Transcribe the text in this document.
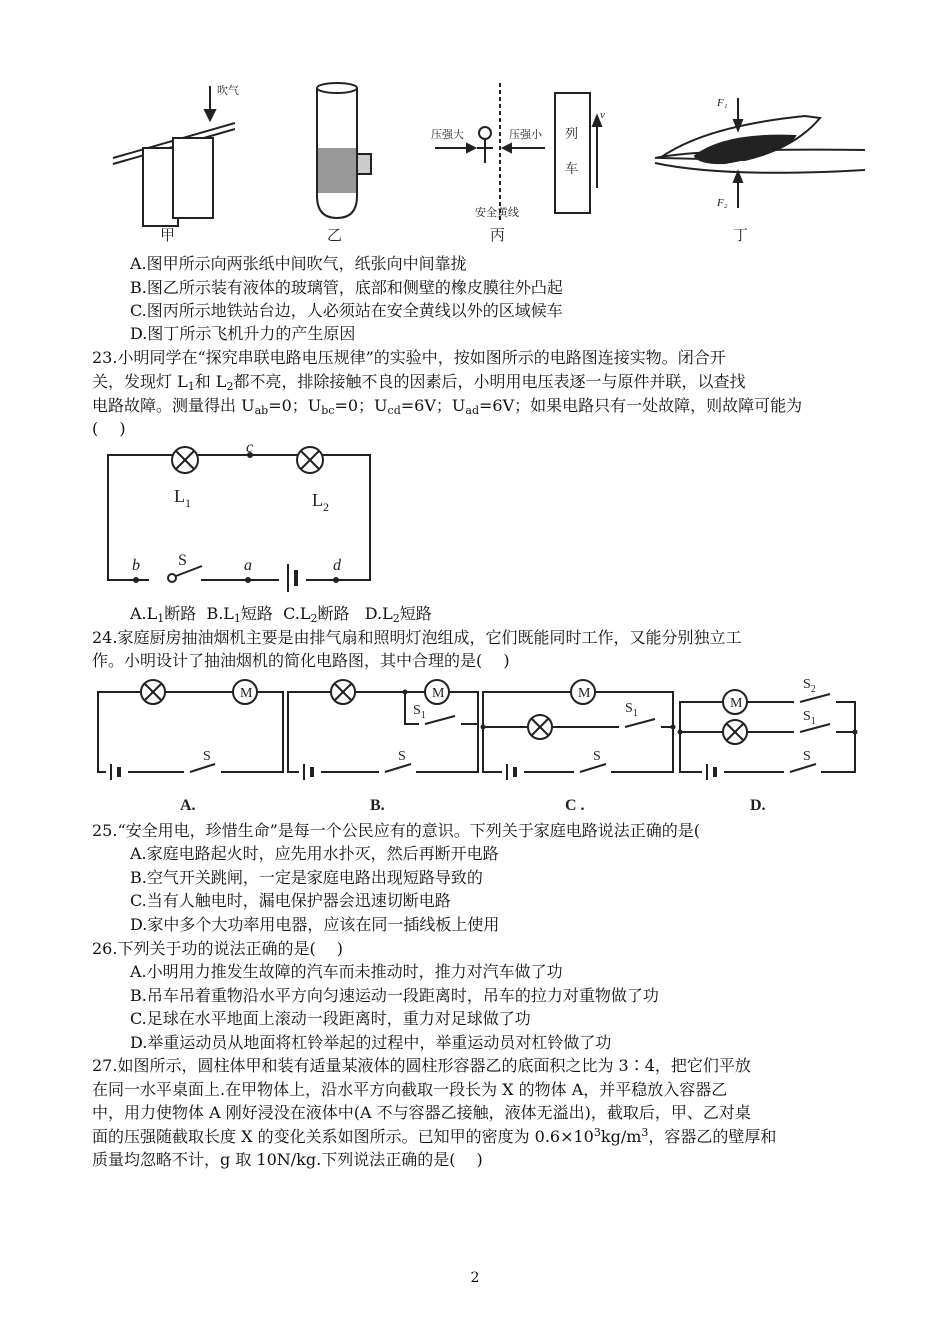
吹气
甲	乙
压强大	压强小 列
车
v
安全黄线
丙
F₁
F₂
丁
A.图甲所示向两张纸中间吹气，纸张向中间靠拢
B.图乙所示装有液体的玻璃管，底部和侧壁的橡皮膜往外凸起
C.图丙所示地铁站台边，人必须站在安全黄线以外的区域候车
D.图丁所示飞机升力的产生原因
23.小明同学在“探究串联电路电压规律”的实验中，按如图所示的电路图连接实物。闭合开
关，发现灯 $L_1$和 $L_2$都不亮，排除接触不良的因素后，小明用电压表逐一与原件并联，以查找
电路故障。测量得出 $U_{ab}=0$；$U_{bc}=0$；$U_{cd}=6V$；$U_{ad}=6V$；如果电路只有一处故障，则故障可能为
(　 )
c
b	a	d
S
$L_1$	$L_2$
$A.L_1$断路 $B.L_1$短路 $C.L_2$断路 $D.L_2$短路
24.家庭厨房抽油烟机主要是由排气扇和照明灯泡组成，它们既能同时工作，又能分别独立工
作。小明设计了抽油烟机的简化电路图，其中合理的是(　 )
M	M	M
M
S	S	S	S
$S_1$	$S_1$
$S_2$
$S_1$
A.	B.	C .	D.
25.“安全用电，珍惜生命”是每一个公民应有的意识。下列关于家庭电路说法正确的是(
A.家庭电路起火时，应先用水扑灭，然后再断开电路
B.空气开关跳闸，一定是家庭电路出现短路导致的
C.当有人触电时，漏电保护器会迅速切断电路
D.家中多个大功率用电器，应该在同一插线板上使用
26.下列关于功的说法正确的是(　 )
A.小明用力推发生故障的汽车而未推动时，推力对汽车做了功
B.吊车吊着重物沿水平方向匀速运动一段距离时，吊车的拉力对重物做了功
C.足球在水平地面上滚动一段距离时，重力对足球做了功
D.举重运动员从地面将杠铃举起的过程中，举重运动员对杠铃做了功
27.如图所示，圆柱体甲和装有适量某液体的圆柱形容器乙的底面积之比为 3∶4，把它们平放
在同一水平桌面上.在甲物体上，沿水平方向截取一段长为 X 的物体 A，并平稳放入容器乙
中，用力使物体 A 刚好浸没在液体中(A 不与容器乙接触，液体无溢出)，截取后，甲、乙对桌
面的压强随截取长度 X 的变化关系如图所示。已知甲的密度为 $0.6\times 10^3kg/m^3$，容器乙的壁厚和
质量均忽略不计，g 取 10N/kg.下列说法正确的是(　 )
2
